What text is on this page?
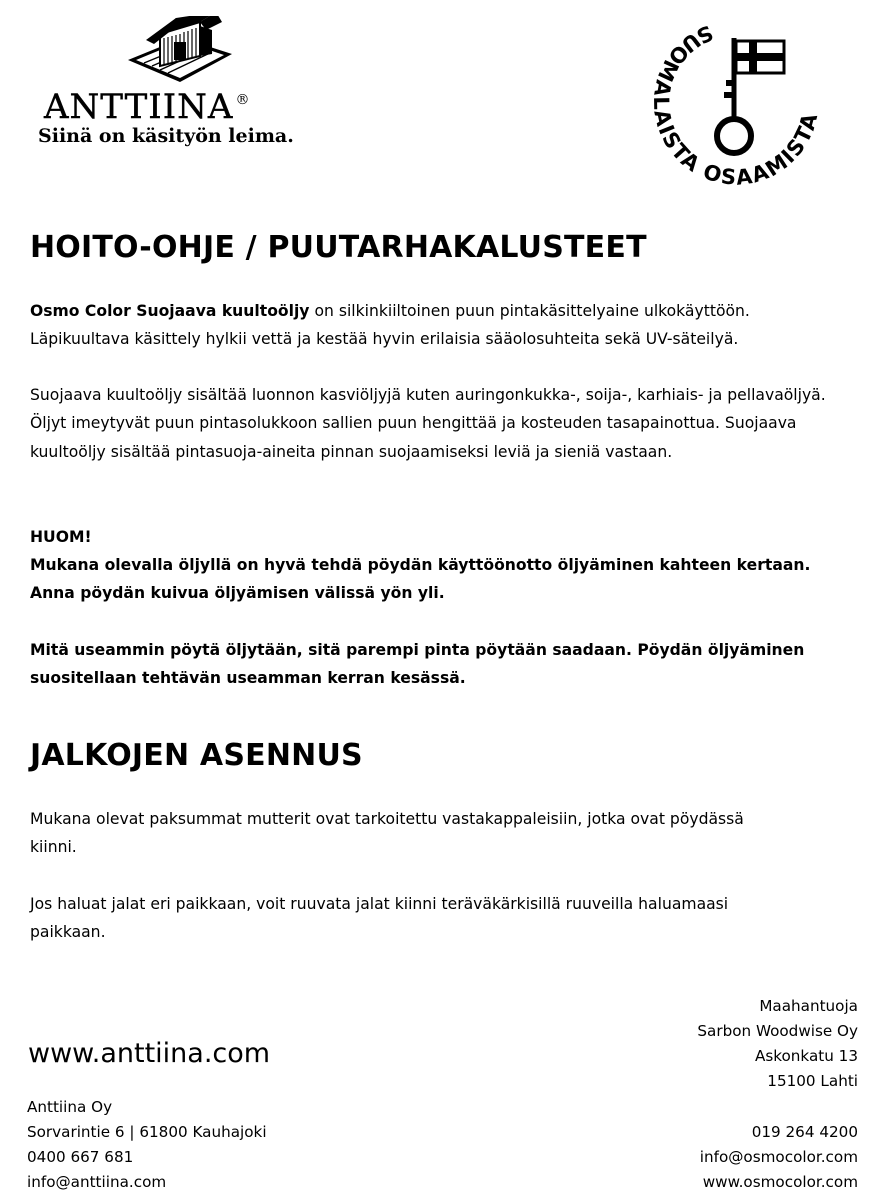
ANTTIINA ®
Siinä on käsityön leima.
SUOMALAISTA OSAAMISTA
HOITO-OHJE / PUUTARHAKALUSTEET

Osmo Color Suojaava kuultoöljy on silkinkiiltoinen puun pintakäsittelyaine ulkokäyttöön. Läpikuultava käsittely hylkii vettä ja kestää hyvin erilaisia sääolosuhteita sekä UV-säteilyä.

Suojaava kuultoöljy sisältää luonnon kasviöljyjä kuten auringonkukka-, soija-, karhiais- ja pellavaöljyä. Öljyt imeytyvät puun pintasolukkoon sallien puun hengittää ja kosteuden tasapainottua. Suojaava kuultoöljy sisältää pintasuoja-aineita pinnan suojaamiseksi leviä ja sieniä vastaan.

HUOM!
Mukana olevalla öljyllä on hyvä tehdä pöydän käyttöönotto öljyäminen kahteen kertaan.
Anna pöydän kuivua öljyämisen välissä yön yli.

Mitä useammin pöytä öljytään, sitä parempi pinta pöytään saadaan. Pöydän öljyäminen suositellaan tehtävän useamman kerran kesässä.

JALKOJEN ASENNUS

Mukana olevat paksummat mutterit ovat tarkoitettu vastakappaleisiin, jotka ovat pöydässä kiinni.

Jos haluat jalat eri paikkaan, voit ruuvata jalat kiinni teräväkärkisillä ruuveilla haluamaasi paikkaan.

www.anttiina.com
Anttiina Oy
Sorvarintie 6 | 61800 Kauhajoki
0400 667 681
info@anttiina.com
Maahantuoja
Sarbon Woodwise Oy
Askonkatu 13
15100 Lahti
019 264 4200
info@osmocolor.com
www.osmocolor.com
